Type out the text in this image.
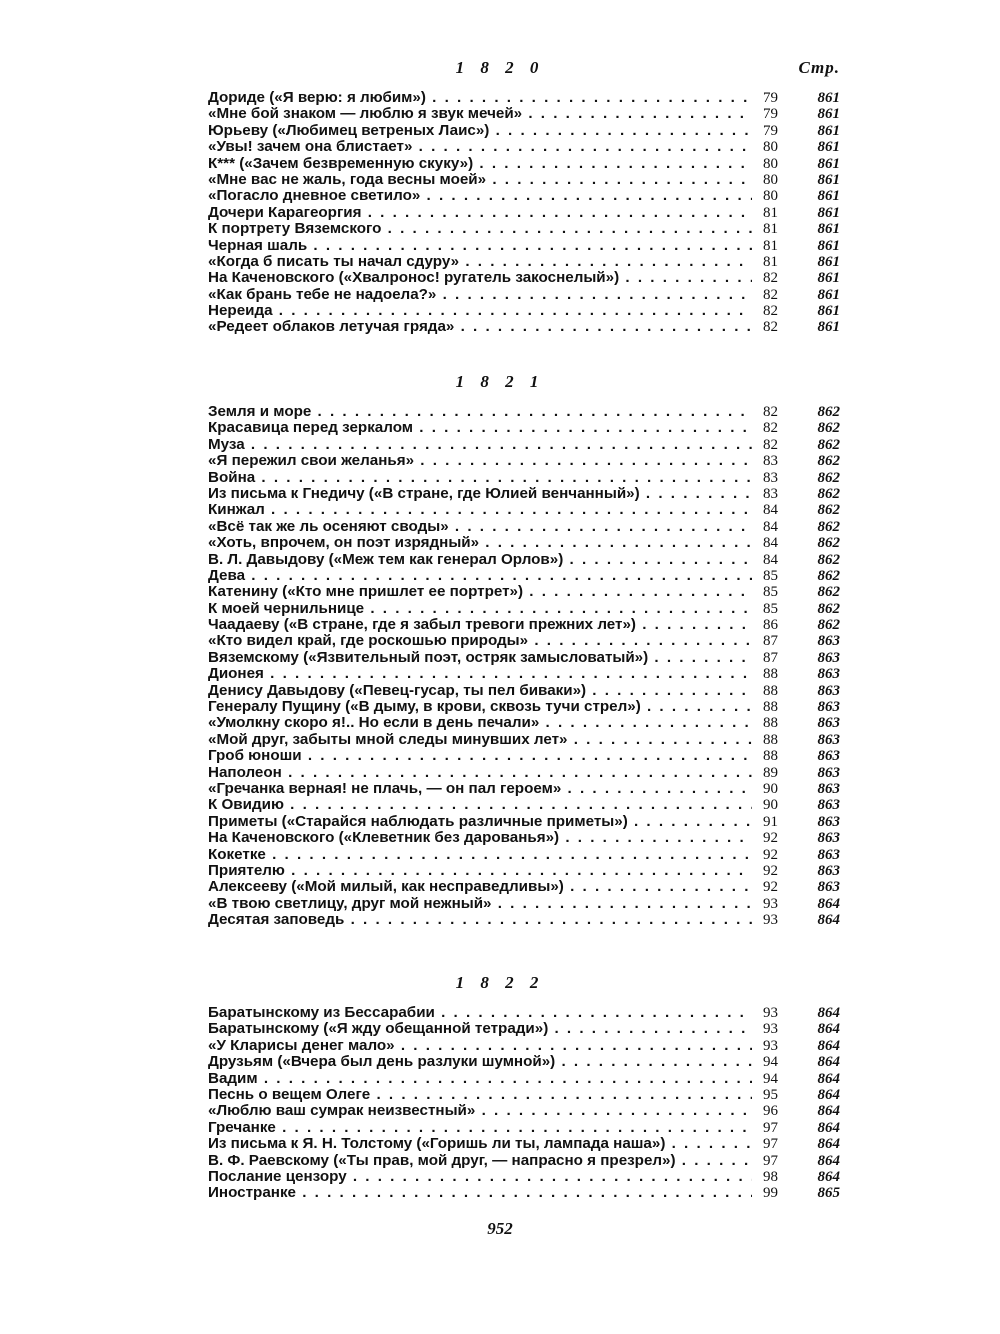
Стр.
1 8 2 0
Дориде («Я верю: я любим») . . .	79	861
«Мне бой знаком — люблю я звук мечей» . . .	79	861
Юрьеву («Любимец ветреных Лаис») . . .	79	861
«Увы! зачем она блистает» . . .	80	861
К*** («Зачем безвременную скуку») . . .	80	861
«Мне вас не жаль, года весны моей» . . .	80	861
«Погасло дневное светило» . . .	80	861
Дочери Карагеоргия . . .	81	861
К портрету Вяземского . . .	81	861
Черная шаль . . .	81	861
«Когда б писать ты начал сдуру» . . .	81	861
На Каченовского («Хвалронос! ругатель закоснелый») . . .	82	861
«Как брань тебе не надоела?» . . .	82	861
Нереида . . .	82	861
«Редеет облаков летучая гряда» . . .	82	861
1 8 2 1
Земля и море . . .	82	862
Красавица перед зеркалом . . .	82	862
Муза . . .	82	862
«Я пережил свои желанья» . . .	83	862
Война . . .	83	862
Из письма к Гнедичу («В стране, где Юлией венчанный») . . .	83	862
Кинжал . . .	84	862
«Всё так же ль осеняют своды» . . .	84	862
«Хоть, впрочем, он поэт изрядный» . . .	84	862
В. Л. Давыдову («Меж тем как генерал Орлов») . . .	84	862
Дева . . .	85	862
Катенину («Кто мне пришлет ее портрет») . . .	85	862
К моей чернильнице . . .	85	862
Чаадаеву («В стране, где я забыл тревоги прежних лет») . . .	86	862
«Кто видел край, где роскошью природы» . . .	87	863
Вяземскому («Язвительный поэт, остряк замысловатый») . . .	87	863
Дионея . . .	88	863
Денису Давыдову («Певец-гусар, ты пел биваки») . . .	88	863
Генералу Пущину («В дыму, в крови, сквозь тучи стрел») . . .	88	863
«Умолкну скоро я!.. Но если в день печали» . . .	88	863
«Мой друг, забыты мной следы минувших лет» . . .	88	863
Гроб юноши . . .	88	863
Наполеон . . .	89	863
«Гречанка верная! не плачь, — он пал героем» . . .	90	863
К Овидию . . .	90	863
Приметы («Старайся наблюдать различные приметы») . . .	91	863
На Каченовского («Клеветник без дарованья») . . .	92	863
Кокетке . . .	92	863
Приятелю . . .	92	863
Алексееву («Мой милый, как несправедливы») . . .	92	863
«В твою светлицу, друг мой нежный» . . .	93	864
Десятая заповедь . . .	93	864
1 8 2 2
Баратынскому из Бессарабии . . .	93	864
Баратынскому («Я жду обещанной тетради») . . .	93	864
«У Клариcы денег мало» . . .	93	864
Друзьям («Вчера был день разлуки шумной») . . .	94	864
Вадим . . .	94	864
Песнь о вещем Олеге . . .	95	864
«Люблю ваш сумрак неизвестный» . . .	96	864
Гречанке . . .	97	864
Из письма к Я. Н. Толстому («Горишь ли ты, лампада наша») . . .	97	864
В. Ф. Раевскому («Ты прав, мой друг, — напрасно я презрел») . . .	97	864
Послание цензору . . .	98	864
Иностранке . . .	99	865
952
